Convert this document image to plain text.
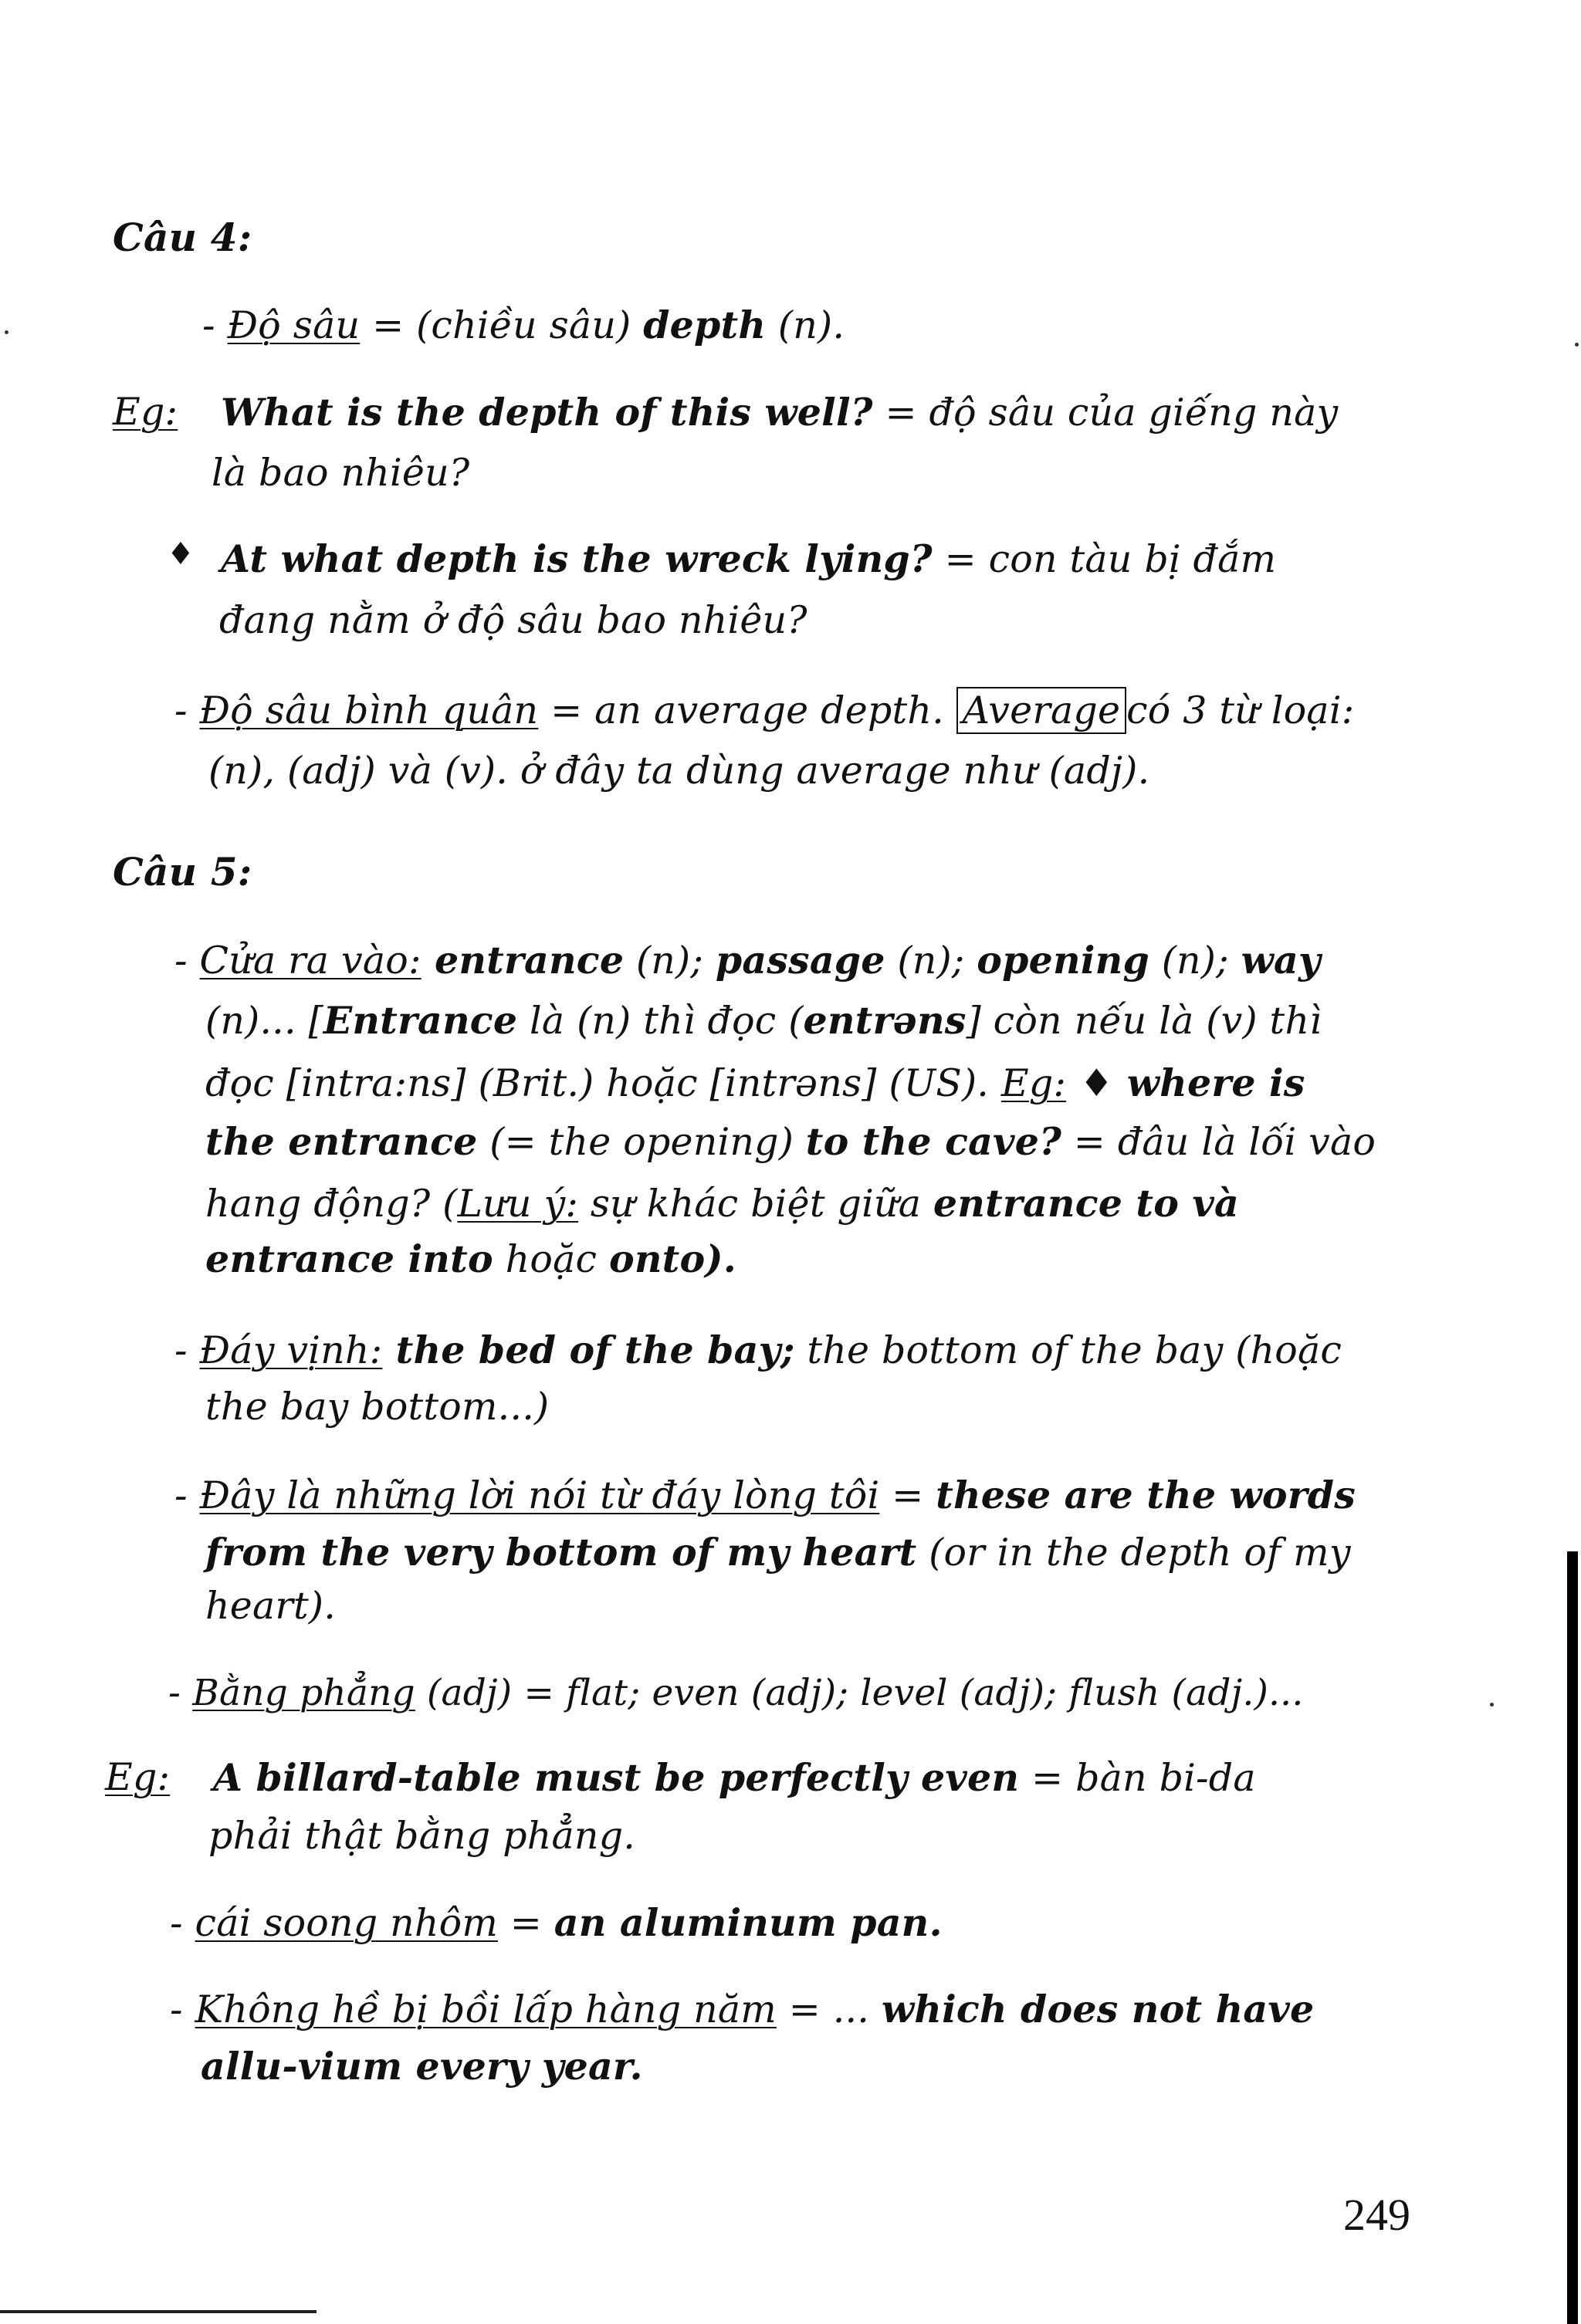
Câu 4:
- Độ sâu = (chiều sâu) depth (n).
Eg: What is the depth of this well? = độ sâu của giếng này
là bao nhiêu?
♦ At what depth is the wreck lying? = con tàu bị đắm
đang nằm ở độ sâu bao nhiêu?
- Độ sâu bình quân = an average depth. Average có 3 từ loại:
(n), (adj) và (v). ở đây ta dùng average như (adj).
Câu 5:
- Cửa ra vào: entrance (n); passage (n); opening (n); way
(n)... [Entrance là (n) thì đọc (entrəns] còn nếu là (v) thì
đọc [intra:ns] (Brit.) hoặc [intrəns] (US). Eg: ♦ where is
the entrance (= the opening) to the cave? = đâu là lối vào
hang động? (Lưu ý: sự khác biệt giữa entrance to và
entrance into hoặc onto).
- Đáy vịnh: the bed of the bay; the bottom of the bay (hoặc
the bay bottom...)
- Đây là những lời nói từ đáy lòng tôi = these are the words
from the very bottom of my heart (or in the depth of my
heart).
- Bằng phẳng (adj) = flat; even (adj); level (adj); flush (adj.)...
Eg: A billard-table must be perfectly even = bàn bi-da
phải thật bằng phẳng.
- cái soong nhôm = an aluminum pan.
- Không hề bị bồi lấp hàng năm = ... which does not have
allu-vium every year.
249
